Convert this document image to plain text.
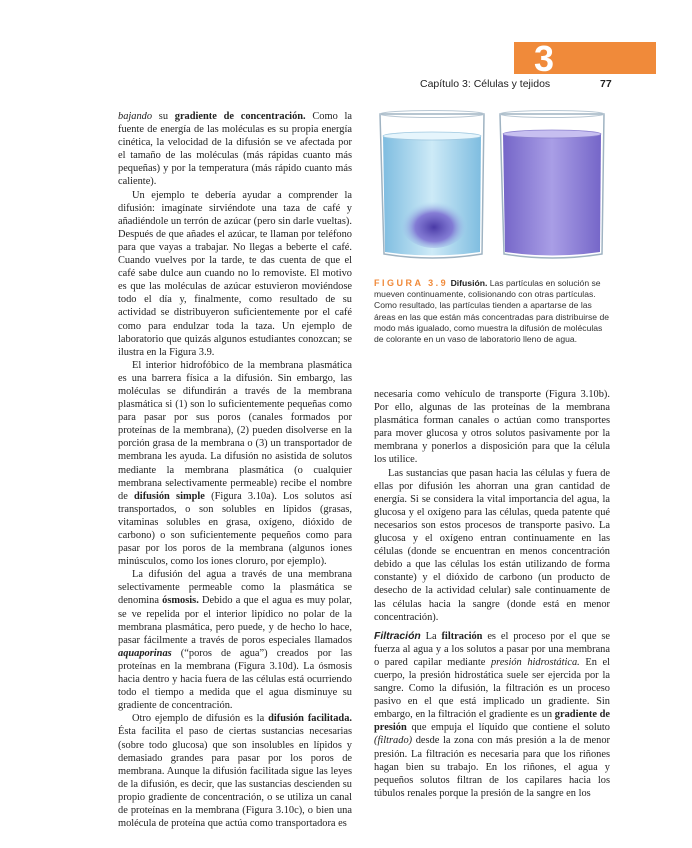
3
Capítulo 3: Células y tejidos	77

bajando su gradiente de concentración. Como la fuente de energía de las moléculas es su propia energía cinética, la velocidad de la difusión se ve afectada por el tamaño de las moléculas (más rápidas cuanto más pequeñas) y por la temperatura (más rápido cuanto más caliente).

Un ejemplo te debería ayudar a comprender la difusión: imagínate sirviéndote una taza de café y añadiéndole un terrón de azúcar (pero sin darle vueltas). Después de que añades el azúcar, te llaman por teléfono para que vayas a trabajar. No llegas a beberte el café. Cuando vuelves por la tarde, te das cuenta de que el café sabe dulce aun cuando no lo removiste. El motivo es que las moléculas de azúcar estuvieron moviéndose todo el día y, finalmente, como resultado de su actividad se distribuyeron suficientemente por el café como para endulzar toda la taza. Un ejemplo de laboratorio que quizás algunos estudiantes conozcan; se ilustra en la Figura 3.9.

El interior hidrofóbico de la membrana plasmática es una barrera física a la difusión. Sin embargo, las moléculas se difundirán a través de la membrana plasmática si (1) son lo suficientemente pequeñas como para pasar por sus poros (canales formados por proteínas de la membrana), (2) pueden disolverse en la porción grasa de la membrana o (3) un transportador de membrana les ayuda. La difusión no asistida de solutos mediante la membrana plasmática (o cualquier membrana selectivamente permeable) recibe el nombre de difusión simple (Figura 3.10a). Los solutos así transportados, o son solubles en lípidos (grasas, vitaminas solubles en grasa, oxígeno, dióxido de carbono) o son suficientemente pequeños como para pasar por los poros de la membrana (algunos iones minúsculos, como los iones cloruro, por ejemplo).

La difusión del agua a través de una membrana selectivamente permeable como la plasmática se denomina ósmosis. Debido a que el agua es muy polar, se ve repelida por el interior lipídico no polar de la membrana plasmática, pero puede, y de hecho lo hace, pasar fácilmente a través de poros especiales llamados aquaporinas (“poros de agua”) creados por las proteínas en la membrana (Figura 3.10d). La ósmosis hacia dentro y hacia fuera de las células está ocurriendo todo el tiempo a medida que el agua disminuye su gradiente de concentración.

Otro ejemplo de difusión es la difusión facilitada. Ésta facilita el paso de ciertas sustancias necesarias (sobre todo glucosa) que son insolubles en lípidos y demasiado grandes para pasar por los poros de membrana. Aunque la difusión facilitada sigue las leyes de la difusión, es decir, que las sustancias descienden su propio gradiente de concentración, o se utiliza un canal de proteínas en la membrana (Figura 3.10c), o bien una molécula de proteína que actúa como transportadora es

FIGURA 3.9 Difusión. Las partículas en solución se mueven continuamente, colisionando con otras partículas. Como resultado, las partículas tienden a apartarse de las áreas en las que están más concentradas para distribuirse de modo más igualado, como muestra la difusión de moléculas de colorante en un vaso de laboratorio lleno de agua.

necesaria como vehículo de transporte (Figura 3.10b). Por ello, algunas de las proteínas de la membrana plasmática forman canales o actúan como transportes para mover glucosa y otros solutos pasivamente por la membrana y ponerlos a disposición para que la célula los utilice.

Las sustancias que pasan hacia las células y fuera de ellas por difusión les ahorran una gran cantidad de energía. Si se considera la vital importancia del agua, la glucosa y el oxígeno para las células, queda patente qué necesarios son estos procesos de transporte pasivo. La glucosa y el oxígeno entran continuamente en las células (donde se encuentran en menos concentración debido a que las células los están utilizando de forma constante) y el dióxido de carbono (un producto de desecho de la actividad celular) sale continuamente de las células hacia la sangre (donde está en menor concentración).

Filtración La filtración es el proceso por el que se fuerza al agua y a los solutos a pasar por una membrana o pared capilar mediante presión hidrostática. En el cuerpo, la presión hidrostática suele ser ejercida por la sangre. Como la difusión, la filtración es un proceso pasivo en el que está implicado un gradiente. Sin embargo, en la filtración el gradiente es un gradiente de presión que empuja el líquido que contiene el soluto (filtrado) desde la zona con más presión a la de menor presión. La filtración es necesaria para que los riñones hagan bien su trabajo. En los riñones, el agua y pequeños solutos filtran de los capilares hacia los túbulos renales porque la presión de la sangre en los
